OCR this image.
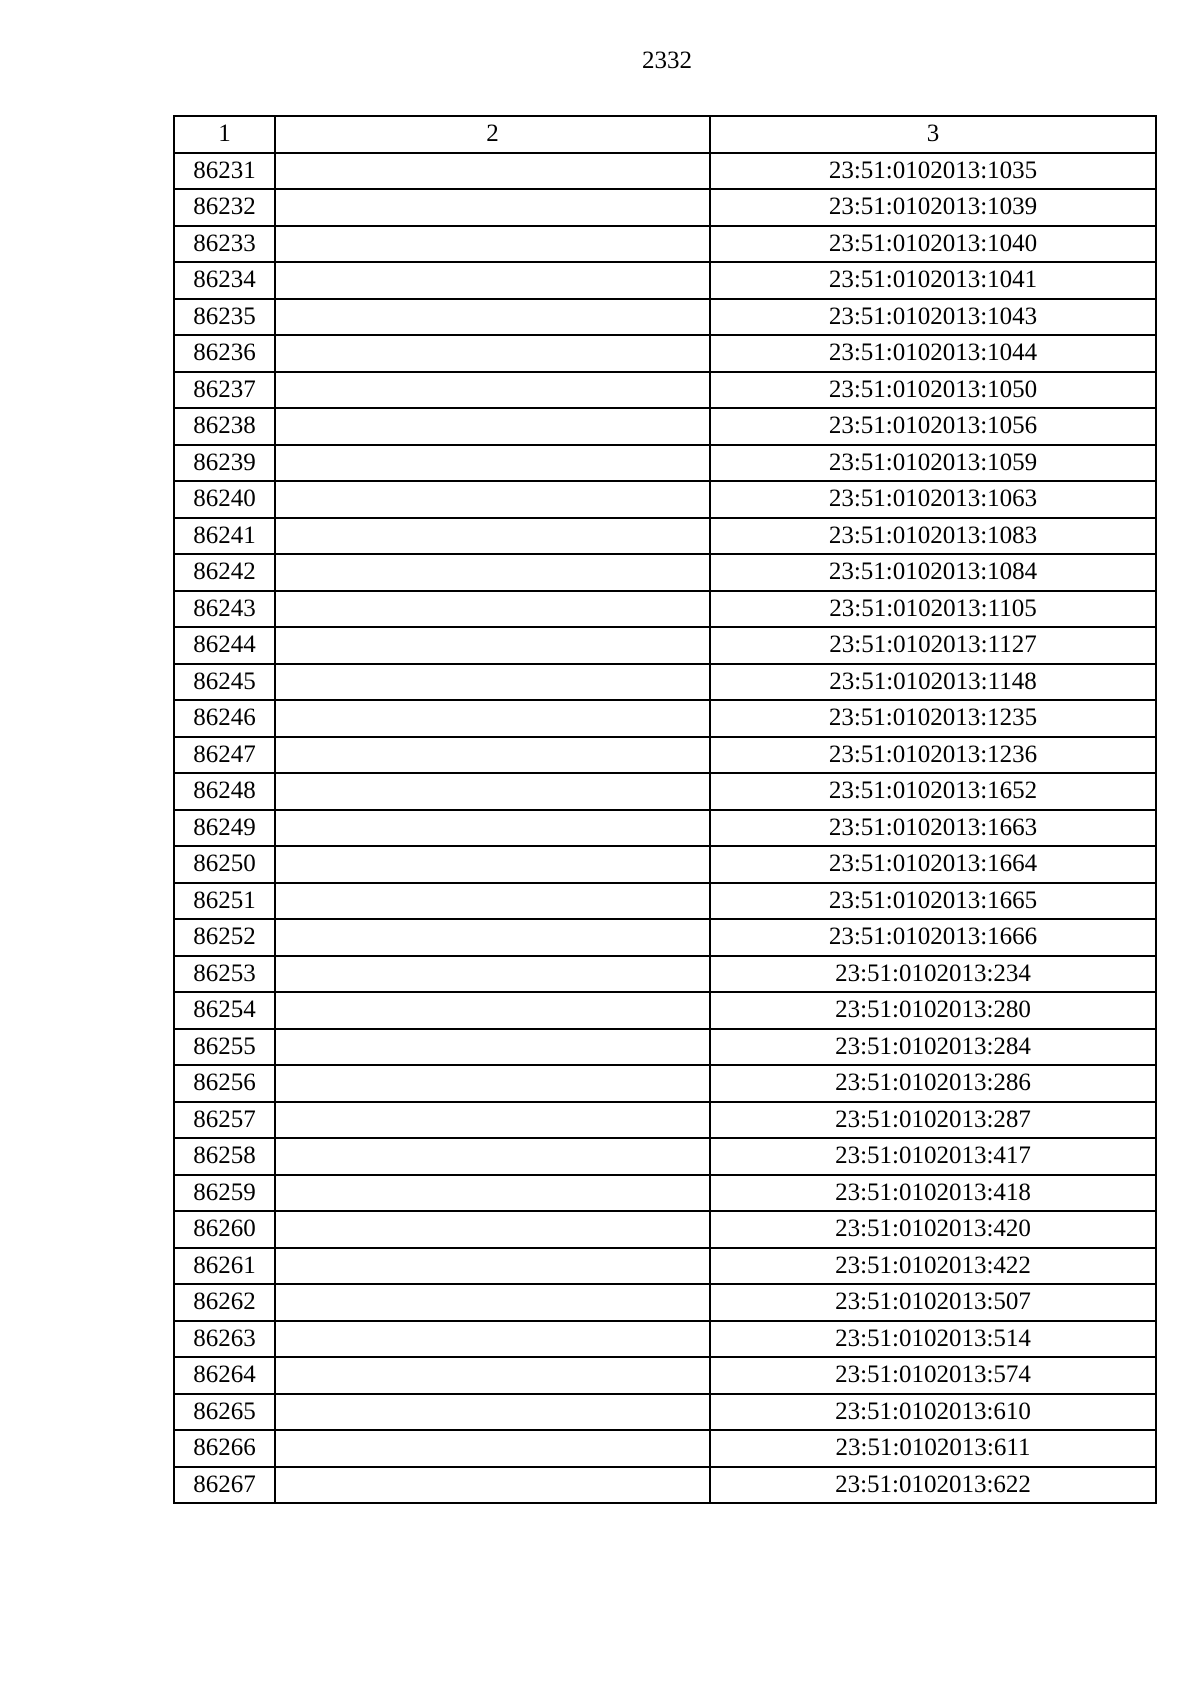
2332
1	2	3
86231		23:51:0102013:1035
86232		23:51:0102013:1039
86233		23:51:0102013:1040
86234		23:51:0102013:1041
86235		23:51:0102013:1043
86236		23:51:0102013:1044
86237		23:51:0102013:1050
86238		23:51:0102013:1056
86239		23:51:0102013:1059
86240		23:51:0102013:1063
86241		23:51:0102013:1083
86242		23:51:0102013:1084
86243		23:51:0102013:1105
86244		23:51:0102013:1127
86245		23:51:0102013:1148
86246		23:51:0102013:1235
86247		23:51:0102013:1236
86248		23:51:0102013:1652
86249		23:51:0102013:1663
86250		23:51:0102013:1664
86251		23:51:0102013:1665
86252		23:51:0102013:1666
86253		23:51:0102013:234
86254		23:51:0102013:280
86255		23:51:0102013:284
86256		23:51:0102013:286
86257		23:51:0102013:287
86258		23:51:0102013:417
86259		23:51:0102013:418
86260		23:51:0102013:420
86261		23:51:0102013:422
86262		23:51:0102013:507
86263		23:51:0102013:514
86264		23:51:0102013:574
86265		23:51:0102013:610
86266		23:51:0102013:611
86267		23:51:0102013:622
